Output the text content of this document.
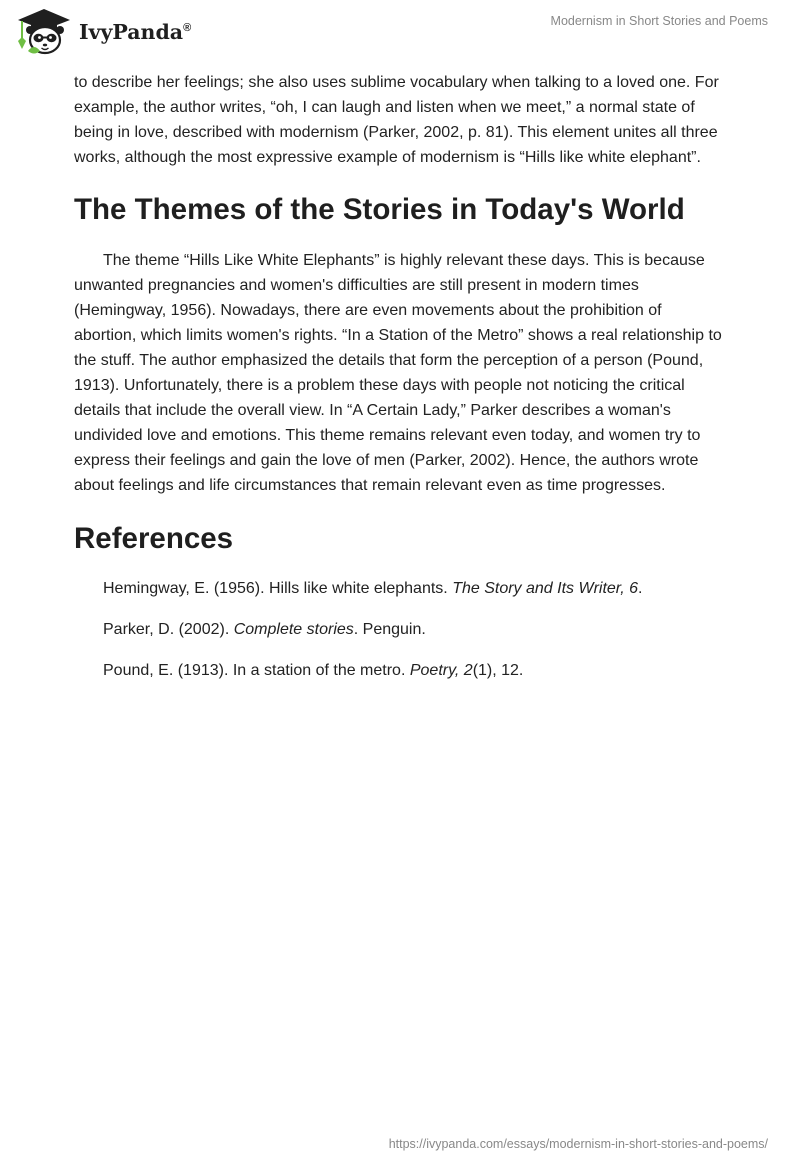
IvyPanda®
Modernism in Short Stories and Poems

to describe her feelings; she also uses sublime vocabulary when talking to a loved one. For example, the author writes, “oh, I can laugh and listen when we meet,” a normal state of being in love, described with modernism (Parker, 2002, p. 81). This element unites all three works, although the most expressive example of modernism is “Hills like white elephant”.

The Themes of the Stories in Today's World

The theme “Hills Like White Elephants” is highly relevant these days. This is because unwanted pregnancies and women's difficulties are still present in modern times (Hemingway, 1956). Nowadays, there are even movements about the prohibition of abortion, which limits women's rights. “In a Station of the Metro” shows a real relationship to the stuff. The author emphasized the details that form the perception of a person (Pound, 1913). Unfortunately, there is a problem these days with people not noticing the critical details that include the overall view. In “A Certain Lady,” Parker describes a woman's undivided love and emotions. This theme remains relevant even today, and women try to express their feelings and gain the love of men (Parker, 2002). Hence, the authors wrote about feelings and life circumstances that remain relevant even as time progresses.

References

Hemingway, E. (1956). Hills like white elephants. The Story and Its Writer, 6.

Parker, D. (2002). Complete stories. Penguin.

Pound, E. (1913). In a station of the metro. Poetry, 2(1), 12.

https://ivypanda.com/essays/modernism-in-short-stories-and-poems/
